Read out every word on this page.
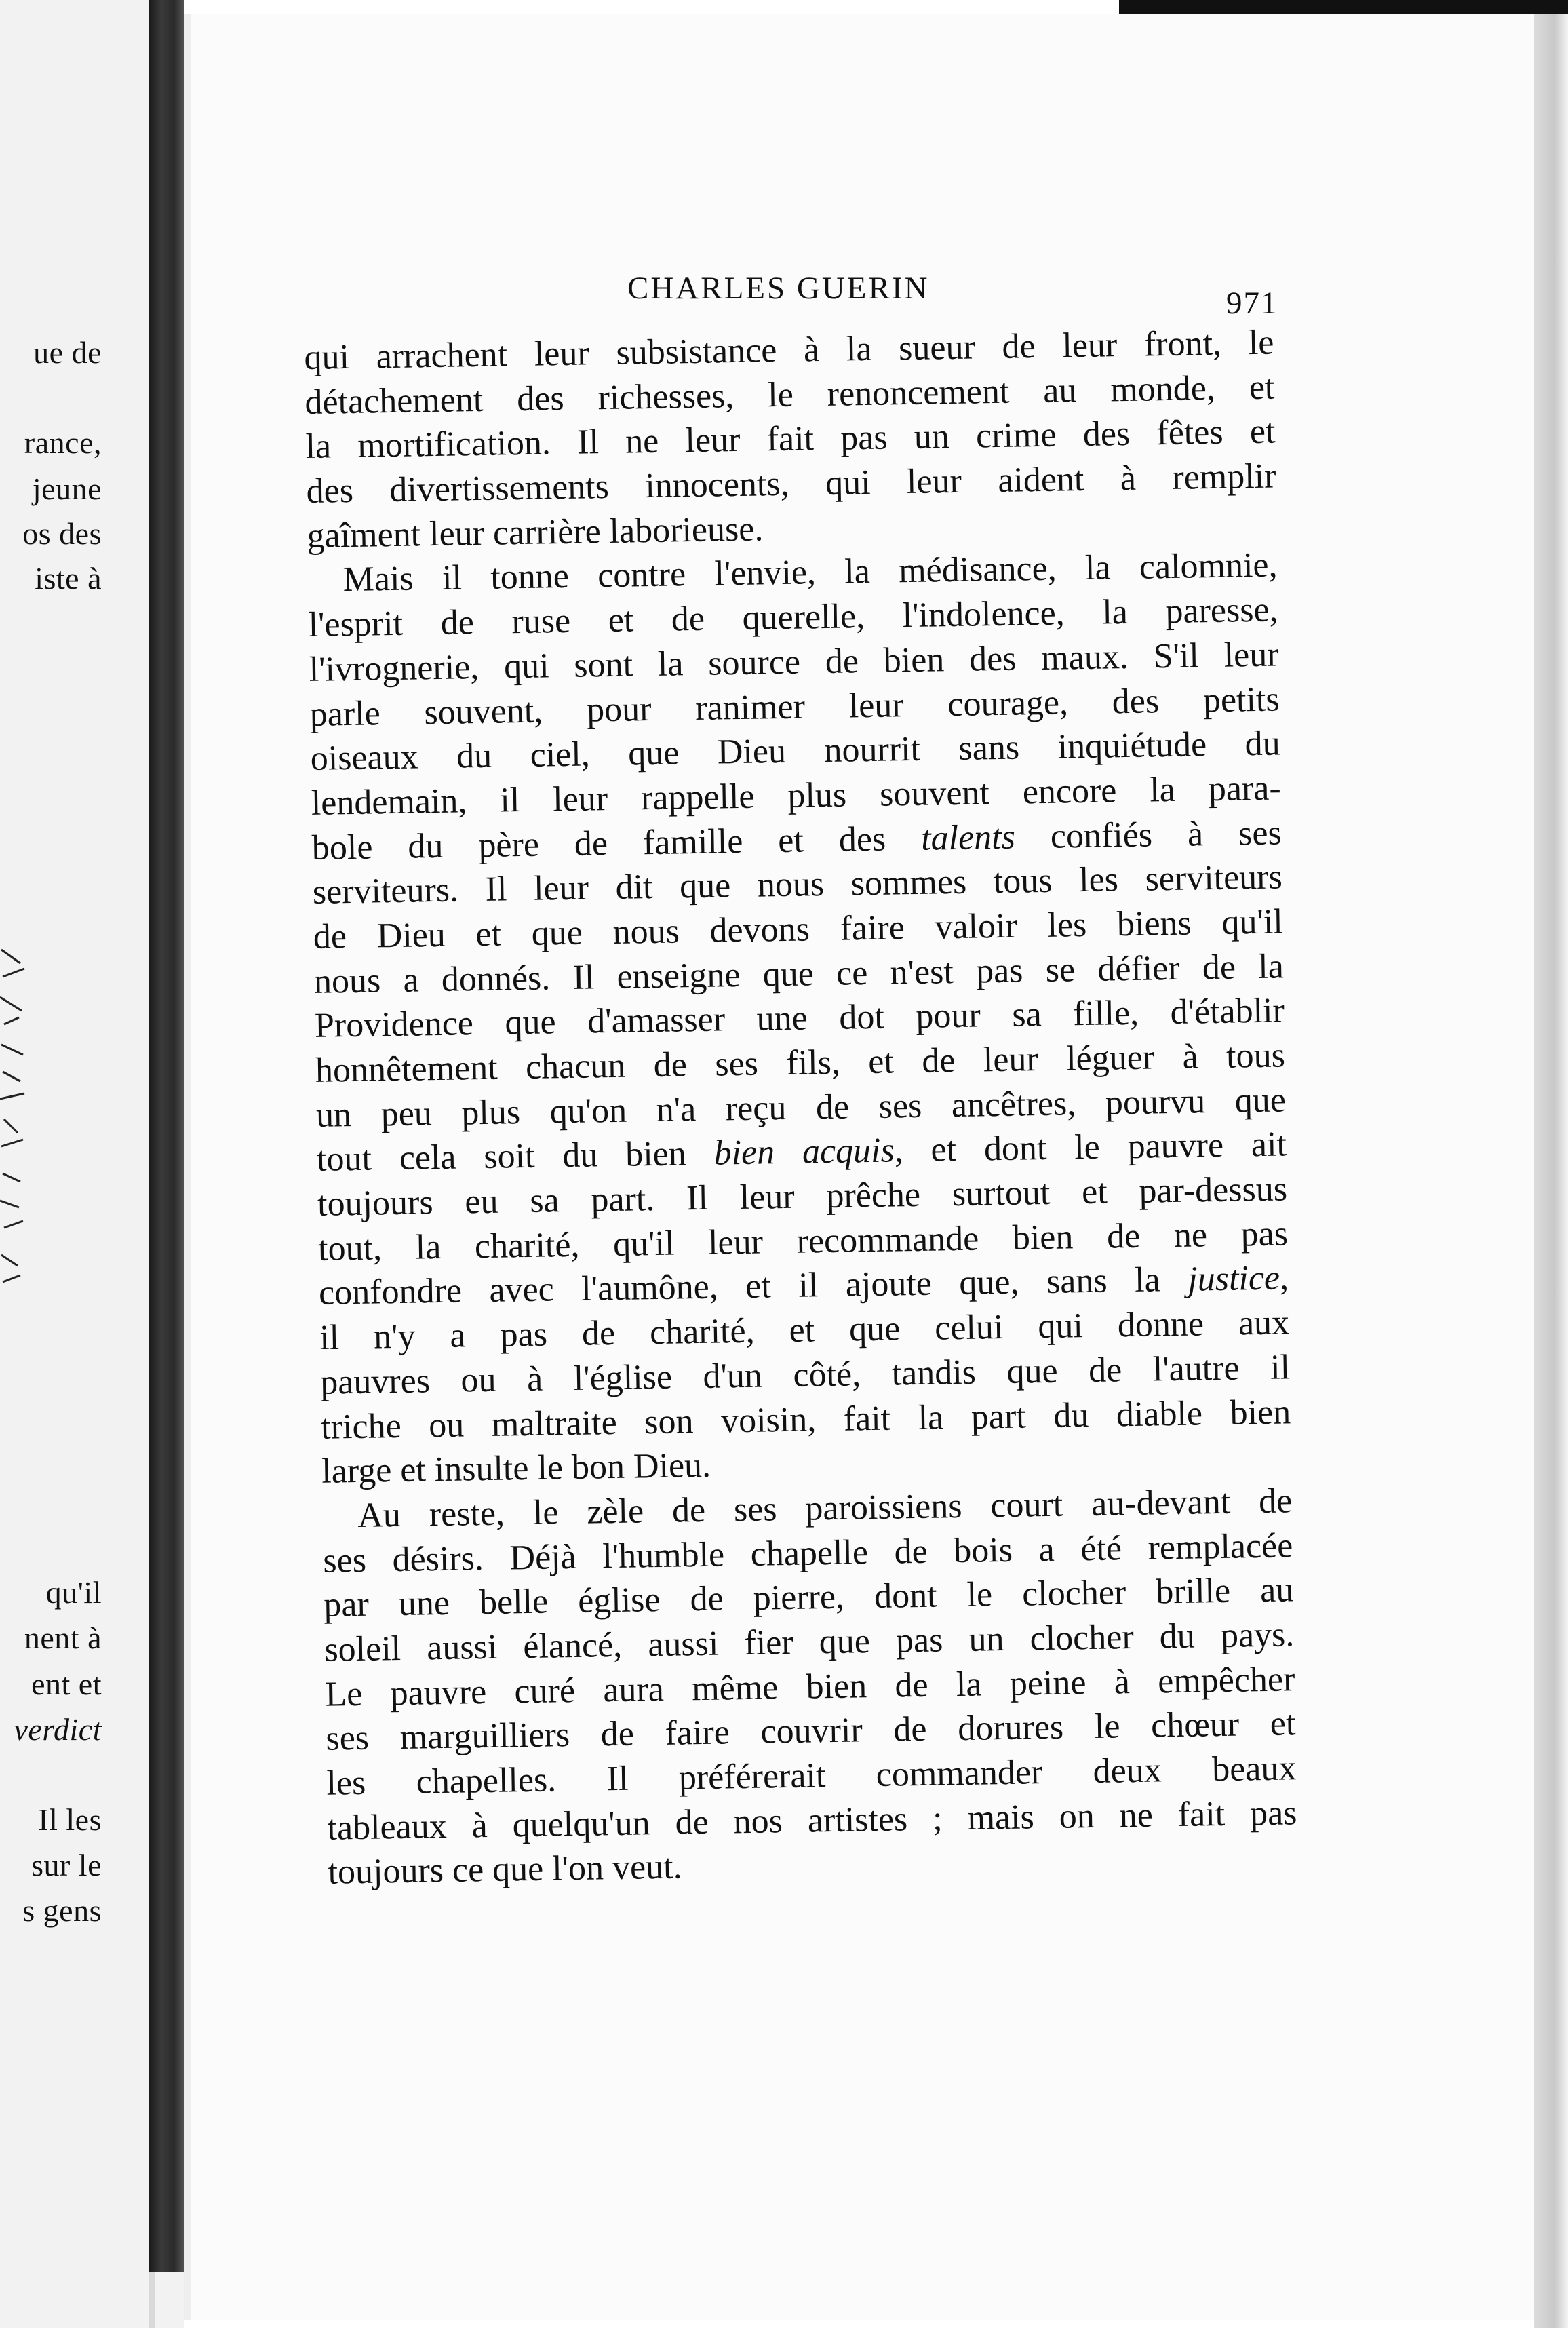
ue de
rance,
jeune
os des
iste à
qu'il
nent à
ent et
verdict
Il les
sur le
s gens
CHARLES GUERIN	971
qui arrachent leur subsistance à la sueur de leur front, le
détachement des richesses, le renoncement au monde, et
la mortification. Il ne leur fait pas un crime des fêtes et
des divertissements innocents, qui leur aident à remplir
gaîment leur carrière laborieuse.
Mais il tonne contre l'envie, la médisance, la calomnie,
l'esprit de ruse et de querelle, l'indolence, la paresse,
l'ivrognerie, qui sont la source de bien des maux. S'il leur
parle souvent, pour ranimer leur courage, des petits
oiseaux du ciel, que Dieu nourrit sans inquiétude du
lendemain, il leur rappelle plus souvent encore la para-
bole du père de famille et des talents confiés à ses
serviteurs. Il leur dit que nous sommes tous les serviteurs
de Dieu et que nous devons faire valoir les biens qu'il
nous a donnés. Il enseigne que ce n'est pas se défier de la
Providence que d'amasser une dot pour sa fille, d'établir
honnêtement chacun de ses fils, et de leur léguer à tous
un peu plus qu'on n'a reçu de ses ancêtres, pourvu que
tout cela soit du bien bien acquis, et dont le pauvre ait
toujours eu sa part. Il leur prêche surtout et par-dessus
tout, la charité, qu'il leur recommande bien de ne pas
confondre avec l'aumône, et il ajoute que, sans la justice,
il n'y a pas de charité, et que celui qui donne aux
pauvres ou à l'église d'un côté, tandis que de l'autre il
triche ou maltraite son voisin, fait la part du diable bien
large et insulte le bon Dieu.
Au reste, le zèle de ses paroissiens court au-devant de
ses désirs. Déjà l'humble chapelle de bois a été remplacée
par une belle église de pierre, dont le clocher brille au
soleil aussi élancé, aussi fier que pas un clocher du pays.
Le pauvre curé aura même bien de la peine à empêcher
ses marguilliers de faire couvrir de dorures le chœur et
les chapelles. Il préférerait commander deux beaux
tableaux à quelqu'un de nos artistes ; mais on ne fait pas
toujours ce que l'on veut.
